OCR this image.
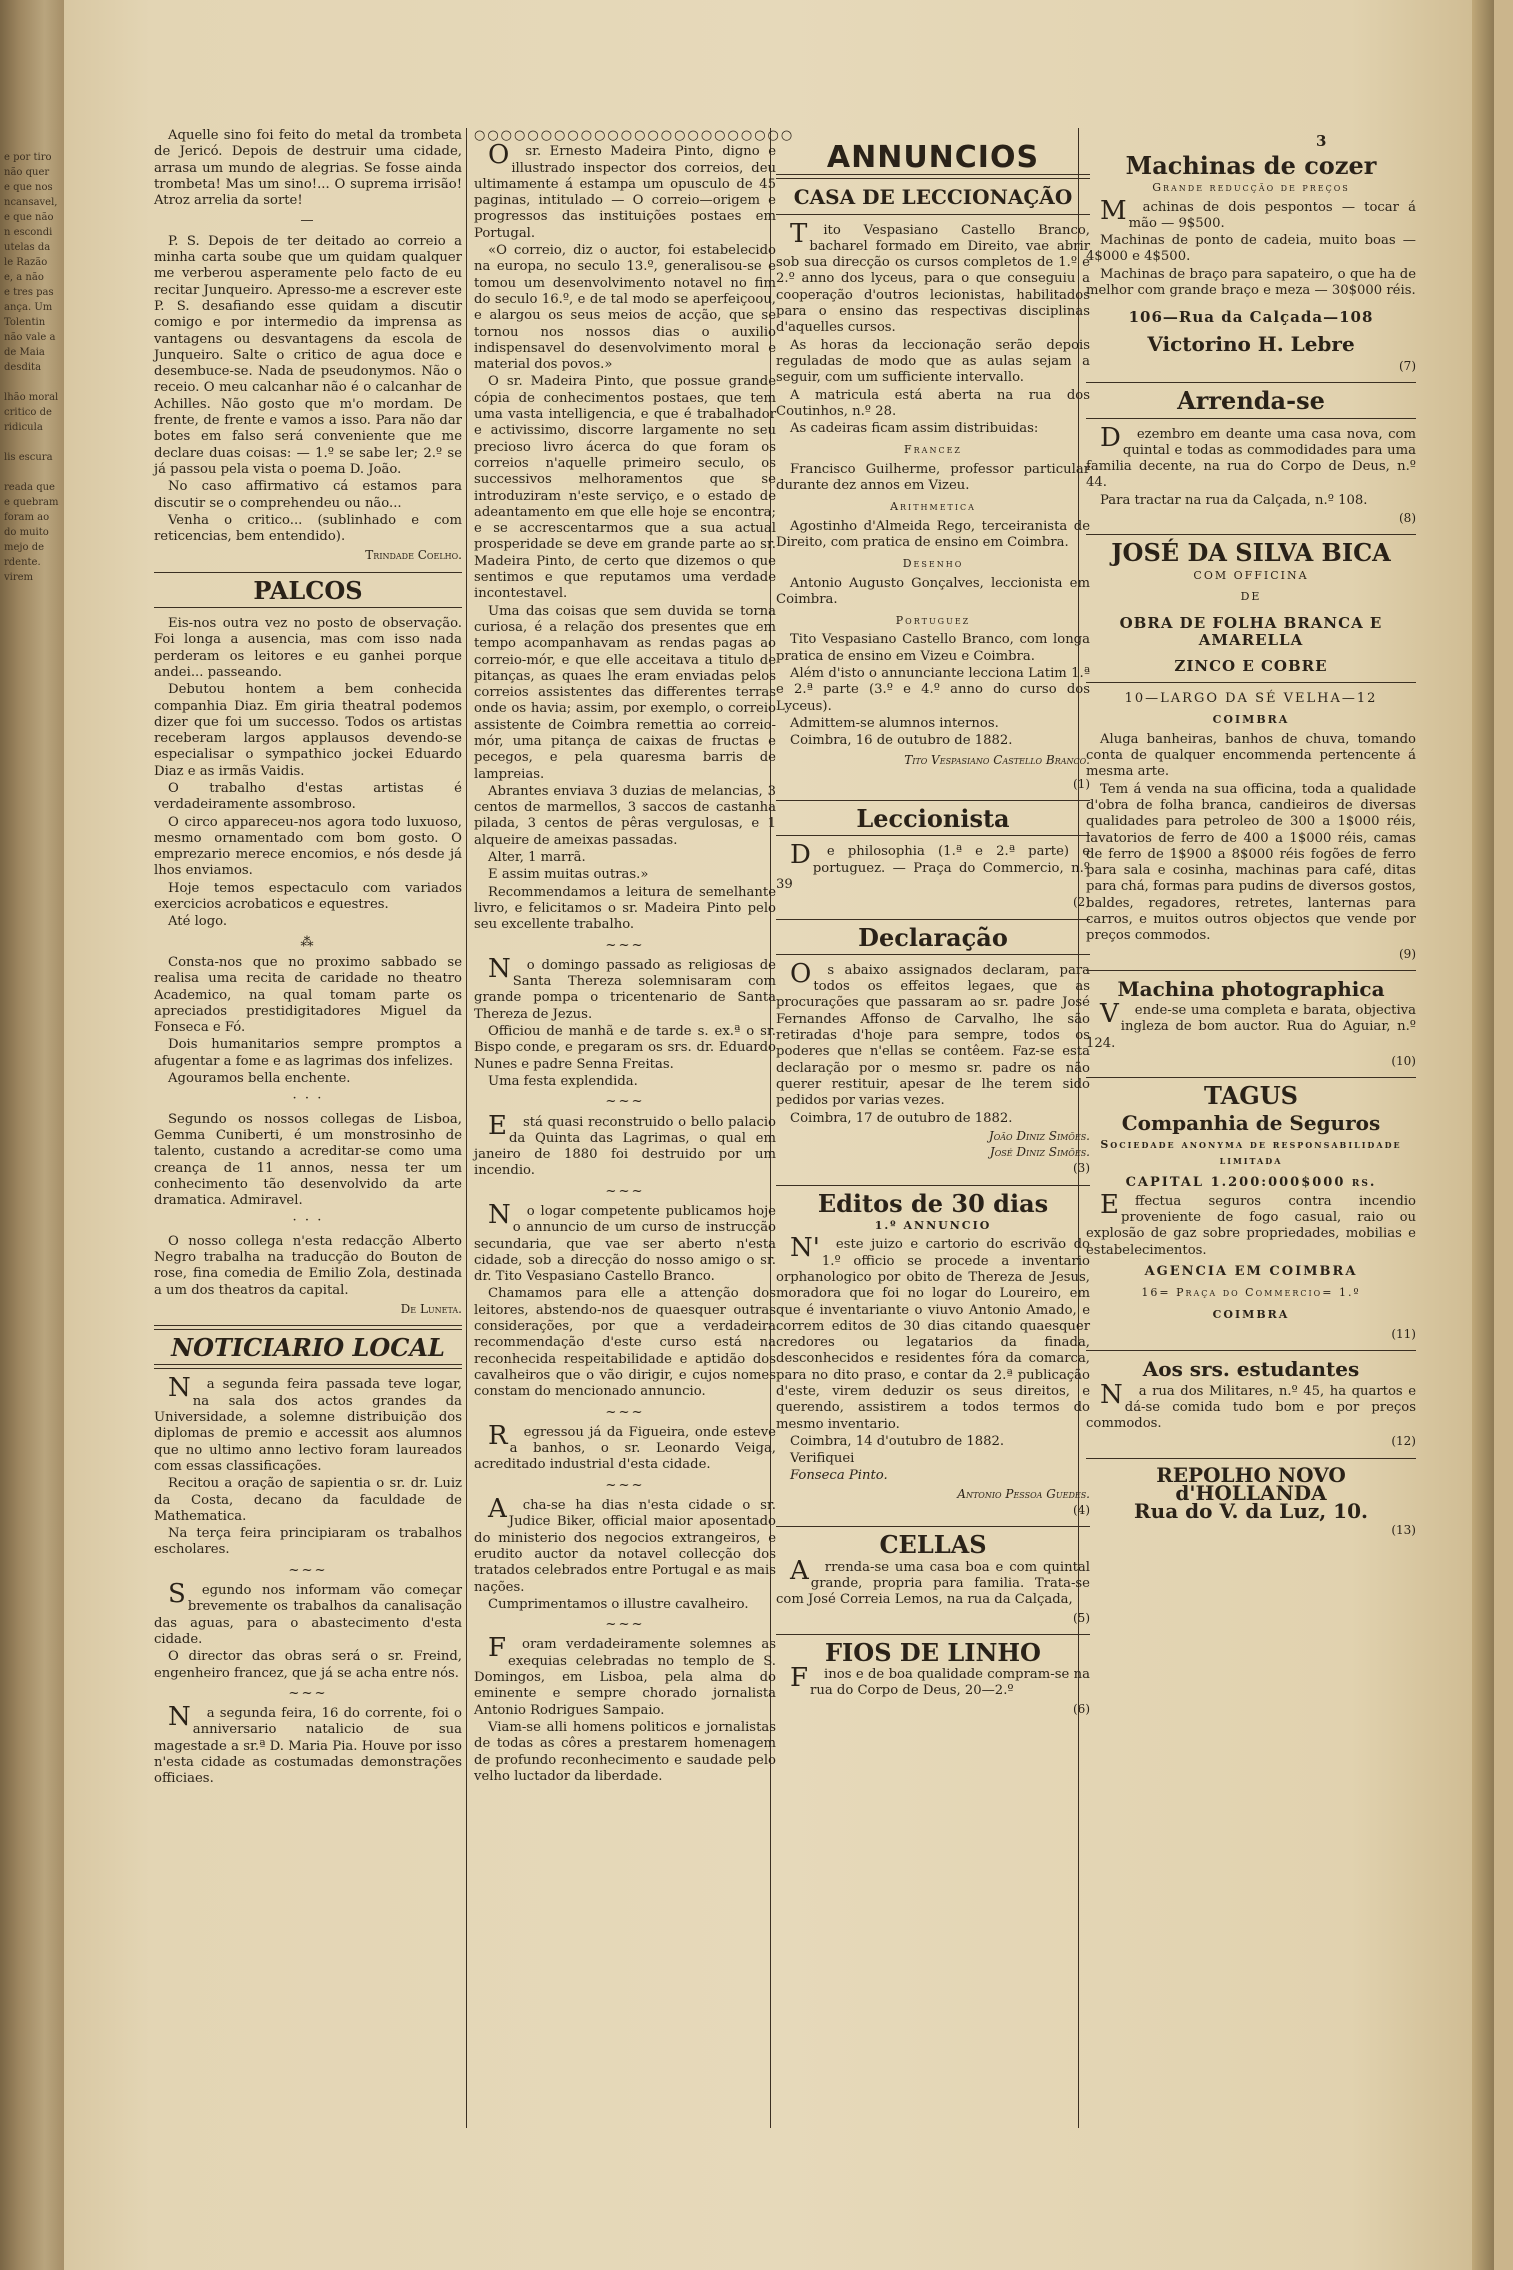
e por tiro
não quer
e que nos
ncansavel,
e que não
n escondi
utelas da
le Razão
e, a não
e tres pas
ança. Um
Tolentin
não vale a
de Maia
desdita

lhão moral
critico de
ridicula

lis escura

reada que
e quebram
foram ao
do muito
mejo de
rdente.
virem
3

Aquelle sino foi feito do metal da trombeta de Jericó. Depois de destruir uma cidade, arrasa um mundo de alegrias. Se fosse ainda trombeta! Mas um sino!... O suprema irrisão! Atroz arrelia da sorte!

—

P. S. Depois de ter deitado ao correio a minha carta soube que um quidam qualquer me verberou asperamente pelo facto de eu recitar Junqueiro. Apresso-me a escrever este P. S. desafiando esse quidam a discutir comigo e por intermedio da imprensa as vantagens ou desvantagens da escola de Junqueiro. Salte o critico de agua doce e desembuce-se. Nada de pseudonymos. Não o receio. O meu calcanhar não é o calcanhar de Achilles. Não gosto que m'o mordam. De frente, de frente e vamos a isso. Para não dar botes em falso será conveniente que me declare duas coisas: — 1.º se sabe ler; 2.º se já passou pela vista o poema D. João.

No caso affirmativo cá estamos para discutir se o comprehendeu ou não...

Venha o critico... (sublinhado e com reticencias, bem entendido).

Trindade Coelho.
PALCOS

Eis-nos outra vez no posto de observação. Foi longa a ausencia, mas com isso nada perderam os leitores e eu ganhei porque andei... passeando.

Debutou hontem a bem conhecida companhia Diaz. Em giria theatral podemos dizer que foi um successo. Todos os artistas receberam largos applausos devendo-se especialisar o sympathico jockei Eduardo Diaz e as irmãs Vaidis.

O trabalho d'estas artistas é verdadeiramente assombroso.

O circo appareceu-nos agora todo luxuoso, mesmo ornamentado com bom gosto. O emprezario merece encomios, e nós desde já lhos enviamos.

Hoje temos espectaculo com variados exercicios acrobaticos e equestres.

Até logo.

⁂

Consta-nos que no proximo sabbado se realisa uma recita de caridade no theatro Academico, na qual tomam parte os apreciados prestidigitadores Miguel da Fonseca e Fó.

Dois humanitarios sempre promptos a afugentar a fome e as lagrimas dos infelizes.

Agouramos bella enchente.

· · ·

Segundo os nossos collegas de Lisboa, Gemma Cuniberti, é um monstrosinho de talento, custando a acreditar-se como uma creança de 11 annos, nessa ter um conhecimento tão desenvolvido da arte dramatica. Admiravel.

· · ·

O nosso collega n'esta redacção Alberto Negro trabalha na traducção do Bouton de rose, fina comedia de Emilio Zola, destinada a um dos theatros da capital.

De Luneta.
NOTICIARIO LOCAL

Na segunda feira passada teve logar, na sala dos actos grandes da Universidade, a solemne distribuição dos diplomas de premio e accessit aos alumnos que no ultimo anno lectivo foram laureados com essas classificações.

Recitou a oração de sapientia o sr. dr. Luiz da Costa, decano da faculdade de Mathematica.

Na terça feira principiaram os trabalhos escholares.

~~~

Segundo nos informam vão começar brevemente os trabalhos da canalisação das aguas, para o abastecimento d'esta cidade.

O director das obras será o sr. Freind, engenheiro francez, que já se acha entre nós.

~~~

Na segunda feira, 16 do corrente, foi o anniversario natalicio de sua magestade a sr.ª D. Maria Pia. Houve por isso n'esta cidade as costumadas demonstrações officiaes.

○○○○○○○○○○○○○○○○○○○○○○○○

Osr. Ernesto Madeira Pinto, digno e illustrado inspector dos correios, deu ultimamente á estampa um opusculo de 45 paginas, intitulado — O correio—origem e progressos das instituições postaes em Portugal.

«O correio, diz o auctor, foi estabelecido na europa, no seculo 13.º, generalisou-se e tomou um desenvolvimento notavel no fim do seculo 16.º, e de tal modo se aperfeiçoou, e alargou os seus meios de acção, que se tornou nos nossos dias o auxilio indispensavel do desenvolvimento moral e material dos povos.»

O sr. Madeira Pinto, que possue grande cópia de conhecimentos postaes, que tem uma vasta intelligencia, e que é trabalhador e activissimo, discorre largamente no seu precioso livro ácerca do que foram os correios n'aquelle primeiro seculo, os successivos melhoramentos que se introduziram n'este serviço, e o estado de adeantamento em que elle hoje se encontra; e se accrescentarmos que a sua actual prosperidade se deve em grande parte ao sr. Madeira Pinto, de certo que dizemos o que sentimos e que reputamos uma verdade incontestavel.

Uma das coisas que sem duvida se torna curiosa, é a relação dos presentes que em tempo acompanhavam as rendas pagas ao correio-mór, e que elle acceitava a titulo de pitanças, as quaes lhe eram enviadas pelos correios assistentes das differentes terras onde os havia; assim, por exemplo, o correio assistente de Coimbra remettia ao correio-mór, uma pitança de caixas de fructas e pecegos, e pela quaresma barris de lampreias.

Abrantes enviava 3 duzias de melancias, 3 centos de marmellos, 3 saccos de castanha pilada, 3 centos de pêras vergulosas, e 1 alqueire de ameixas passadas.

Alter, 1 marrã.

E assim muitas outras.»

Recommendamos a leitura de semelhante livro, e felicitamos o sr. Madeira Pinto pelo seu excellente trabalho.

~~~

No domingo passado as religiosas de Santa Thereza solemnisaram com grande pompa o tricentenario de Santa Thereza de Jezus.

Officiou de manhã e de tarde s. ex.ª o sr. Bispo conde, e pregaram os srs. dr. Eduardo Nunes e padre Senna Freitas.

Uma festa explendida.

~~~

Está quasi reconstruido o bello palacio da Quinta das Lagrimas, o qual em janeiro de 1880 foi destruido por um incendio.

~~~

No logar competente publicamos hoje o annuncio de um curso de instrucção secundaria, que vae ser aberto n'esta cidade, sob a direcção do nosso amigo o sr. dr. Tito Vespasiano Castello Branco.

Chamamos para elle a attenção dos leitores, abstendo-nos de quaesquer outras considerações, por que a verdadeira recommendação d'este curso está na reconhecida respeitabilidade e aptidão dos cavalheiros que o vão dirigir, e cujos nomes constam do mencionado annuncio.

~~~

Regressou já da Figueira, onde esteve a banhos, o sr. Leonardo Veiga, acreditado industrial d'esta cidade.

~~~

Acha-se ha dias n'esta cidade o sr. Judice Biker, official maior aposentado do ministerio dos negocios extrangeiros, e erudito auctor da notavel collecção dos tratados celebrados entre Portugal e as mais nações.

Cumprimentamos o illustre cavalheiro.

~~~

Foram verdadeiramente solemnes as exequias celebradas no templo de S. Domingos, em Lisboa, pela alma do eminente e sempre chorado jornalista Antonio Rodrigues Sampaio.

Viam-se alli homens politicos e jornalistas de todas as côres a prestarem homenagem de profundo reconhecimento e saudade pelo velho luctador da liberdade.

ANNUNCIOS
CASA DE LECCIONAÇÃO

Tito Vespasiano Castello Branco, bacharel formado em Direito, vae abrir sob sua direcção os cursos completos de 1.º e 2.º anno dos lyceus, para o que conseguiu a cooperação d'outros lecionistas, habilitados para o ensino das respectivas disciplinas d'aquelles cursos.

As horas da leccionação serão depois reguladas de modo que as aulas sejam a seguir, com um sufficiente intervallo.

A matricula está aberta na rua dos Coutinhos, n.º 28.

As cadeiras ficam assim distribuidas:

Francez

Francisco Guilherme, professor particular durante dez annos em Vizeu.

Arithmetica

Agostinho d'Almeida Rego, terceiranista de Direito, com pratica de ensino em Coimbra.

Desenho

Antonio Augusto Gonçalves, leccionista em Coimbra.

Portuguez

Tito Vespasiano Castello Branco, com longa pratica de ensino em Vizeu e Coimbra.

Além d'isto o annunciante lecciona Latim 1.ª e 2.ª parte (3.º e 4.º anno do curso dos Lyceus).

Admittem-se alumnos internos.

Coimbra, 16 de outubro de 1882.

Tito Vespasiano Castello Branco.
(1)
Leccionista

De philosophia (1.ª e 2.ª parte) e portuguez. — Praça do Commercio, n.º 39

(2)
Declaração

Os abaixo assignados declaram, para todos os effeitos legaes, que as procurações que passaram ao sr. padre José Fernandes Affonso de Carvalho, lhe são retiradas d'hoje para sempre, todos os poderes que n'ellas se contêem. Faz-se esta declaração por o mesmo sr. padre os não querer restituir, apesar de lhe terem sido pedidos por varias vezes.

Coimbra, 17 de outubro de 1882.

João Diniz Simões.
José Diniz Simões.
(3)
Editos de 30 dias
1.º ANNUNCIO

N'este juizo e cartorio do escrivão do 1.º officio se procede a inventario orphanologico por obito de Thereza de Jesus, moradora que foi no logar do Loureiro, em que é inventariante o viuvo Antonio Amado, e correm editos de 30 dias citando quaesquer credores ou legatarios da finada, desconhecidos e residentes fóra da comarca, para no dito praso, e contar da 2.ª publicação d'este, virem deduzir os seus direitos, e querendo, assistirem a todos termos do mesmo inventario.

Coimbra, 14 d'outubro de 1882.

Verifiquei

Fonseca Pinto.

Antonio Pessoa Guedes.
(4)
CELLAS

Arrenda-se uma casa boa e com quintal grande, propria para familia. Trata-se com José Correia Lemos, na rua da Calçada,

(5)
FIOS DE LINHO

Finos e de boa qualidade compram-se na rua do Corpo de Deus, 20—2.º

(6)
Machinas de cozer
Grande reducção de preços

Machinas de dois pespontos — tocar á mão — 9$500.

Machinas de ponto de cadeia, muito boas — 4$000 e 4$500.

Machinas de braço para sapateiro, o que ha de melhor com grande braço e meza — 30$000 réis.

106—Rua da Calçada—108
Victorino H. Lebre
(7)
Arrenda-se

Dezembro em deante uma casa nova, com quintal e todas as commodidades para uma familia decente, na rua do Corpo de Deus, n.º 44.

Para tractar na rua da Calçada, n.º 108.

(8)
JOSÉ DA SILVA BICA
COM OFFICINA
DE
OBRA DE FOLHA BRANCA E AMARELLA
ZINCO E COBRE
10—LARGO DA SÉ VELHA—12
COIMBRA

Aluga banheiras, banhos de chuva, tomando conta de qualquer encommenda pertencente á mesma arte.

Tem á venda na sua officina, toda a qualidade d'obra de folha branca, candieiros de diversas qualidades para petroleo de 300 a 1$000 réis, lavatorios de ferro de 400 a 1$000 réis, camas de ferro de 1$900 a 8$000 réis fogões de ferro para sala e cosinha, machinas para café, ditas para chá, formas para pudins de diversos gostos, baldes, regadores, retretes, lanternas para carros, e muitos outros objectos que vende por preços commodos.

(9)
Machina photographica

Vende-se uma completa e barata, objectiva ingleza de bom auctor. Rua do Aguiar, n.º 124.

(10)
TAGUS
Companhia de Seguros
Sociedade anonyma de responsabilidade limitada
CAPITAL 1.200:000$000 rs.

Effectua seguros contra incendio proveniente de fogo casual, raio ou explosão de gaz sobre propriedades, mobilias e estabelecimentos.

AGENCIA EM COIMBRA
16= Praça do Commercio= 1.º
COIMBRA
(11)
Aos srs. estudantes

Na rua dos Militares, n.º 45, ha quartos e dá-se comida tudo bom e por preços commodos.

(12)
REPOLHO NOVO
d'HOLLANDA
Rua do V. da Luz, 10.
(13)
